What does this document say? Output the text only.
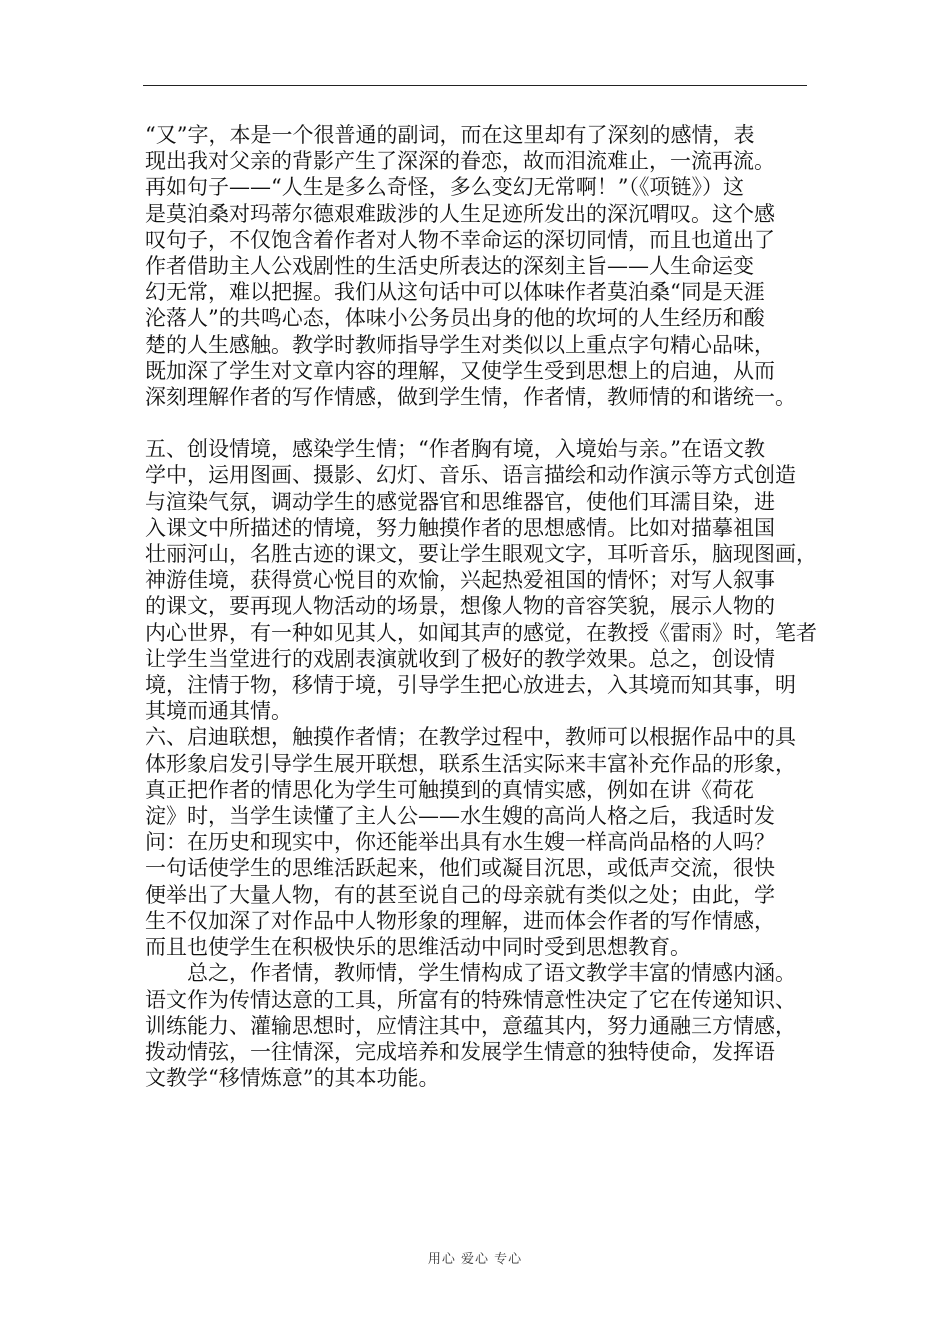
“又”字，本是一个很普通的副词，而在这里却有了深刻的感情，表
现出我对父亲的背影产生了深深的眷恋，故而泪流难止，一流再流。
再如句子——“人生是多么奇怪，多么变幻无常啊！”（《项链》）这
是莫泊桑对玛蒂尔德艰难跋涉的人生足迹所发出的深沉喟叹。这个感
叹句子，不仅饱含着作者对人物不幸命运的深切同情，而且也道出了
作者借助主人公戏剧性的生活史所表达的深刻主旨——人生命运变
幻无常，难以把握。我们从这句话中可以体味作者莫泊桑“同是天涯
沦落人”的共鸣心态，体味小公务员出身的他的坎坷的人生经历和酸
楚的人生感触。教学时教师指导学生对类似以上重点字句精心品味，
既加深了学生对文章内容的理解，又使学生受到思想上的启迪，从而
深刻理解作者的写作情感，做到学生情，作者情，教师情的和谐统一。
五、创设情境，感染学生情；“作者胸有境，入境始与亲。”在语文教
学中，运用图画、摄影、幻灯、音乐、语言描绘和动作演示等方式创造
与渲染气氛，调动学生的感觉器官和思维器官，使他们耳濡目染，进
入课文中所描述的情境，努力触摸作者的思想感情。比如对描摹祖国
壮丽河山，名胜古迹的课文，要让学生眼观文字，耳听音乐，脑现图画，
神游佳境，获得赏心悦目的欢愉，兴起热爱祖国的情怀；对写人叙事
的课文，要再现人物活动的场景，想像人物的音容笑貌，展示人物的
内心世界，有一种如见其人，如闻其声的感觉，在教授《雷雨》时，笔者
让学生当堂进行的戏剧表演就收到了极好的教学效果。总之，创设情
境，注情于物，移情于境，引导学生把心放进去，入其境而知其事，明
其境而通其情。
六、启迪联想，触摸作者情；在教学过程中，教师可以根据作品中的具
体形象启发引导学生展开联想，联系生活实际来丰富补充作品的形象，
真正把作者的情思化为学生可触摸到的真情实感，例如在讲《荷花
淀》时，当学生读懂了主人公——水生嫂的高尚人格之后，我适时发
问：在历史和现实中，你还能举出具有水生嫂一样高尚品格的人吗？
一句话使学生的思维活跃起来，他们或凝目沉思，或低声交流，很快
便举出了大量人物，有的甚至说自己的母亲就有类似之处；由此，学
生不仅加深了对作品中人物形象的理解，进而体会作者的写作情感，
而且也使学生在积极快乐的思维活动中同时受到思想教育。
　　总之，作者情，教师情，学生情构成了语文教学丰富的情感内涵。
语文作为传情达意的工具，所富有的特殊情意性决定了它在传递知识、
训练能力、灌输思想时，应情注其中，意蕴其内，努力通融三方情感，
拨动情弦，一往情深，完成培养和发展学生情意的独特使命，发挥语
文教学“移情炼意”的其本功能。
用心 爱心 专心
